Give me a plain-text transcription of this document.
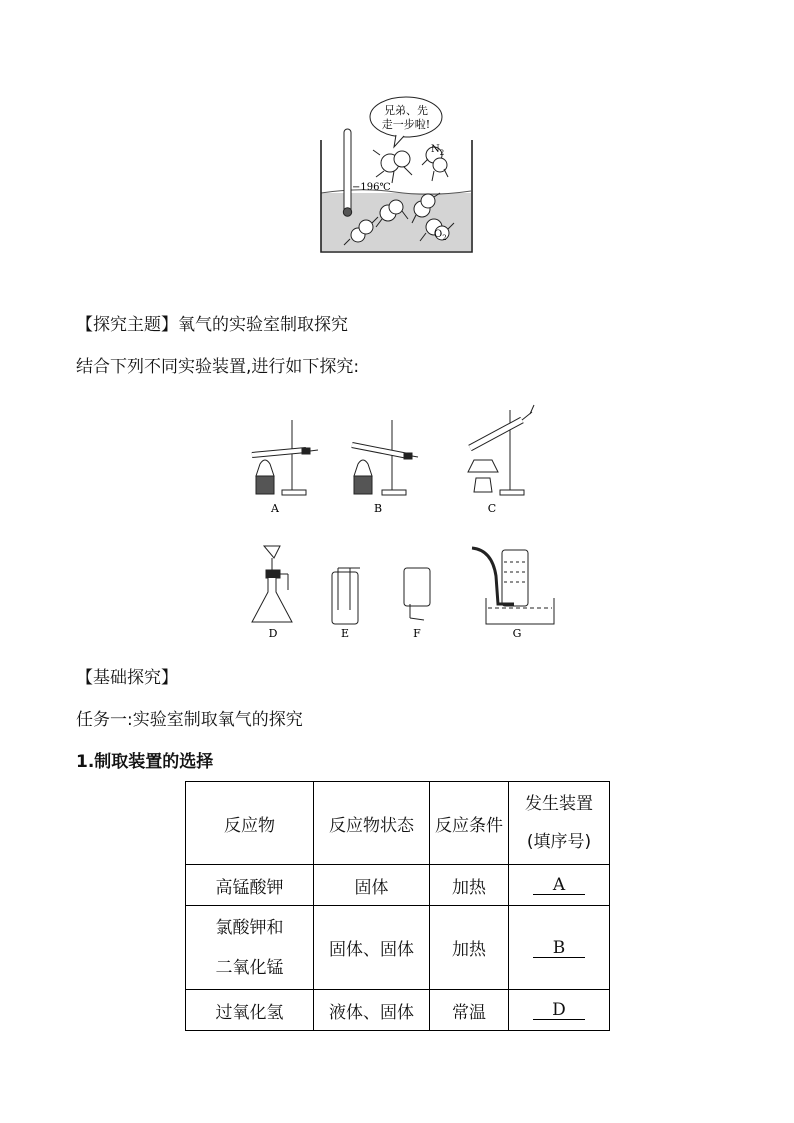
−196℃
兄弟、先
走一步啦!
$N_2$
$O_2$
【探究主题】氧气的实验室制取探究
结合下列不同实验装置,进行如下探究:
A	B	C
D	E	F	G
【基础探究】
任务一:实验室制取氧气的探究
1.制取装置的选择
反应物	反应物状态	反应条件	发生装置
(填序号)
高锰酸钾	固体	加热	A
氯酸钾和
二氧化锰	固体、固体	加热	B
过氧化氢	液体、固体	常温	D
